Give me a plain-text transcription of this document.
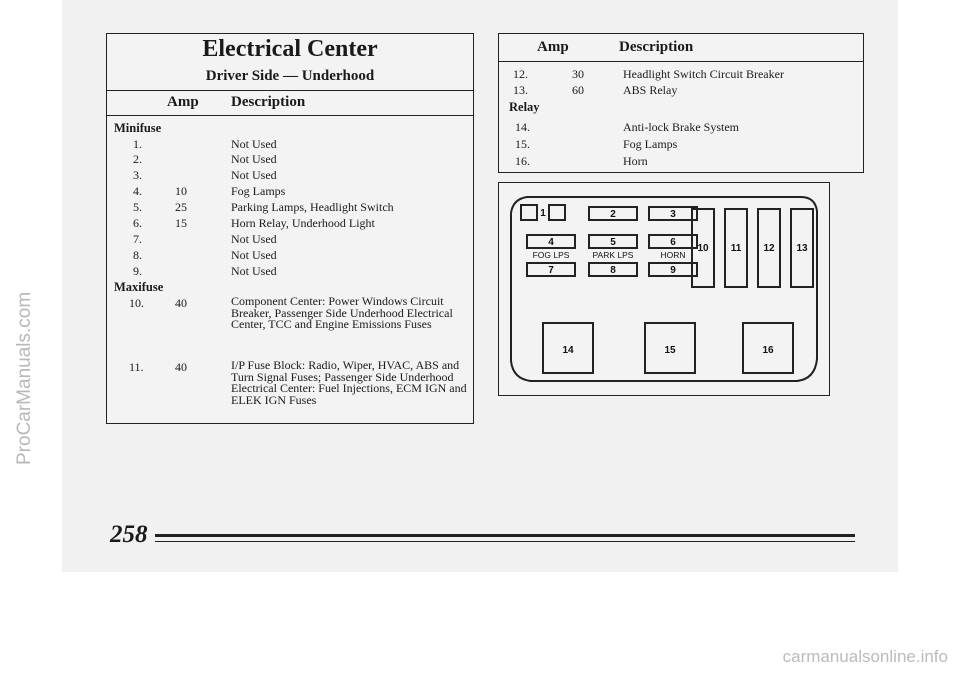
Electrical Center
Driver Side — Underhood
Amp Description
Minifuse
1.	Not Used
2.	Not Used
3.	Not Used
4.	10	Fog Lamps
5.	25	Parking Lamps, Headlight Switch
6.	15	Horn Relay, Underhood Light
7.	Not Used
8.	Not Used
9.	Not Used
Maxifuse
10.	40	Component Center: Power Windows Circuit Breaker, Passenger Side Underhood Electrical Center, TCC and Engine Emissions Fuses
11.	40	I/P Fuse Block: Radio, Wiper, HVAC, ABS and Turn Signal Fuses; Passenger Side Underhood Electrical Center: Fuel Injections, ECM IGN and ELEK IGN Fuses
Amp	Description
12.	30	Headlight Switch Circuit Breaker
13.	60	ABS Relay
Relay
14.	Anti-lock Brake System
15.	Fog Lamps
16.	Horn
1	2	3
4	5	6
FOG LPS	PARK LPS	HORN
7	8	9
10 11 12 13
14	15	16
258
ProCarManuals.com
carmanualsonline.info
